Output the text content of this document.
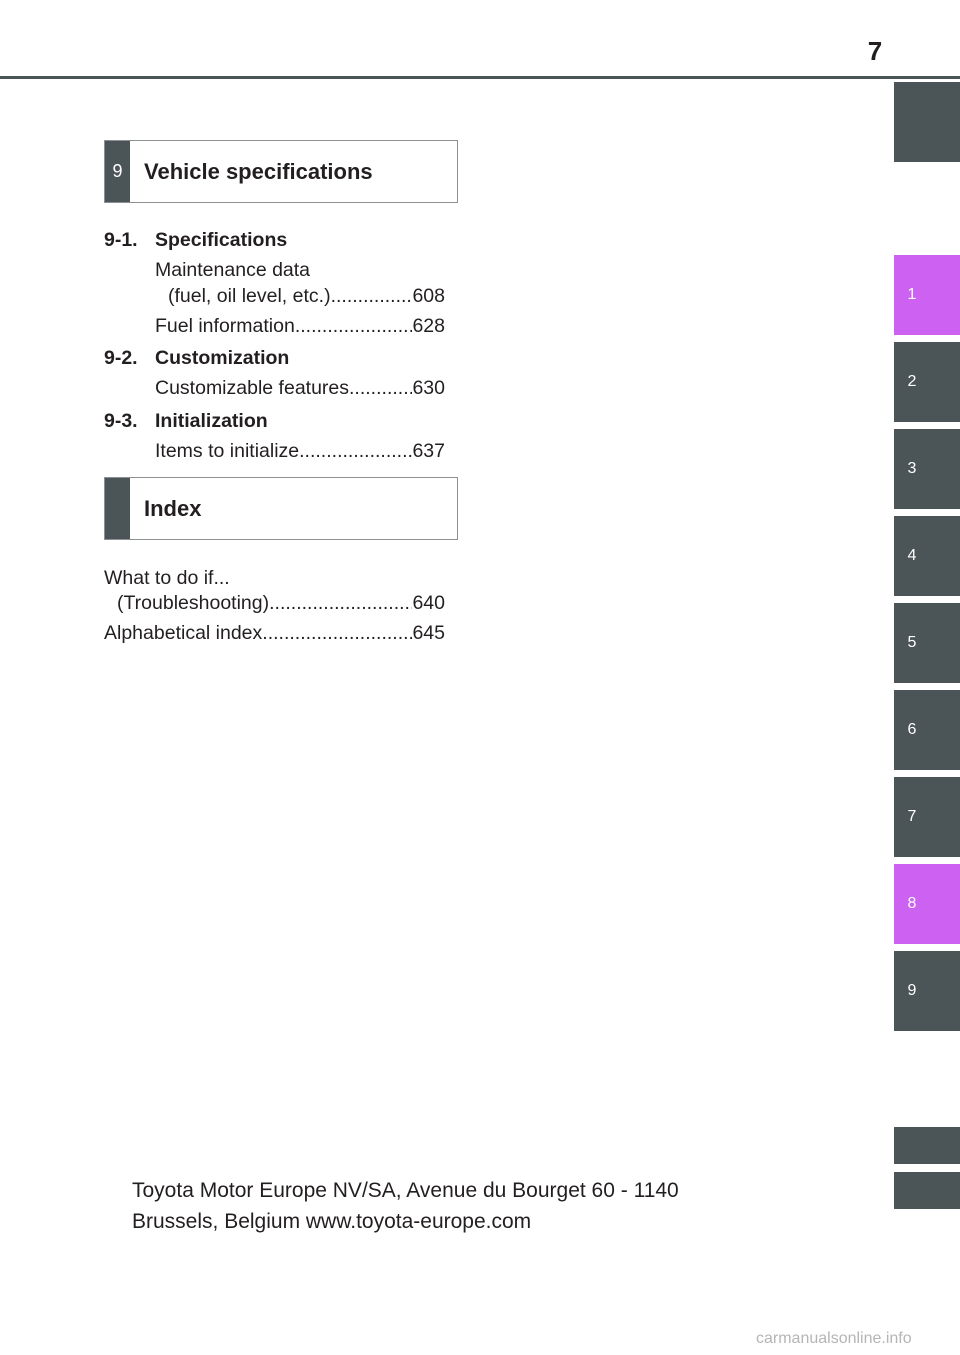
7
1
2
3
4
5
6
7
8
9
9 Vehicle specifications
9-1. Specifications
Maintenance data
(fuel, oil level, etc.) .....	608
Fuel information .....	628
9-2. Customization
Customizable features .....	630
9-3. Initialization
Items to initialize .....	637
Index
What to do if...
(Troubleshooting) .....	640
Alphabetical index .....	645
Toyota Motor Europe NV/SA, Avenue du Bourget 60 - 1140
Brussels, Belgium www.toyota-europe.com
carmanualsonline.info
